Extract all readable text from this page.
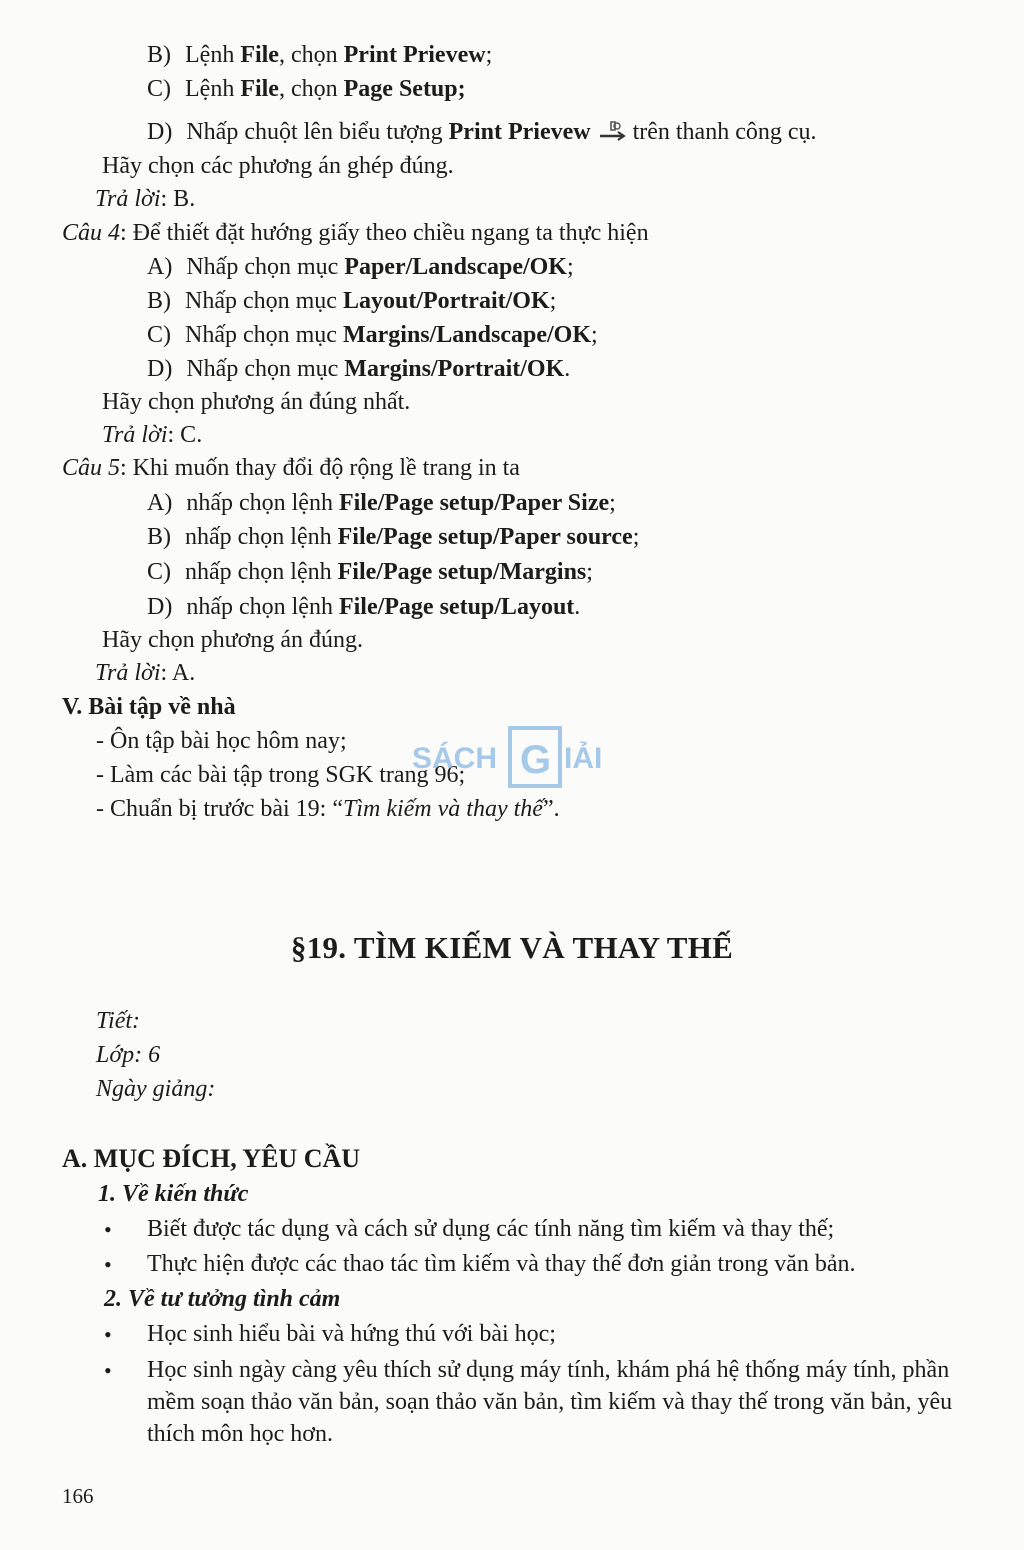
B) Lệnh File, chọn Print Prievew;
C) Lệnh File, chọn Page Setup;
D) Nhấp chuột lên biểu tượng Print Prievew trên thanh công cụ.
Hãy chọn các phương án ghép đúng.
Trả lời: B.
Câu 4: Để thiết đặt hướng giấy theo chiều ngang ta thực hiện
A) Nhấp chọn mục Paper/Landscape/OK;
B) Nhấp chọn mục Layout/Portrait/OK;
C) Nhấp chọn mục Margins/Landscape/OK;
D) Nhấp chọn mục Margins/Portrait/OK.
Hãy chọn phương án đúng nhất.
Trả lời: C.
Câu 5: Khi muốn thay đổi độ rộng lề trang in ta
A) nhấp chọn lệnh File/Page setup/Paper Size;
B) nhấp chọn lệnh File/Page setup/Paper source;
C) nhấp chọn lệnh File/Page setup/Margins;
D) nhấp chọn lệnh File/Page setup/Layout.
Hãy chọn phương án đúng.
Trả lời: A.
V. Bài tập về nhà
- Ôn tập bài học hôm nay;
- Làm các bài tập trong SGK trang 96;
- Chuẩn bị trước bài 19: “Tìm kiếm và thay thế”.
SÁCH G IẢI
§19. TÌM KIẾM VÀ THAY THẾ
Tiết:
Lớp: 6
Ngày giảng:
A. MỤC ĐÍCH, YÊU CẦU
1. Về kiến thức
• Biết được tác dụng và cách sử dụng các tính năng tìm kiếm và thay thế;
• Thực hiện được các thao tác tìm kiếm và thay thế đơn giản trong văn bản.
2. Về tư tưởng tình cảm
• Học sinh hiểu bài và hứng thú với bài học;
• Học sinh ngày càng yêu thích sử dụng máy tính, khám phá hệ thống máy tính, phần mềm soạn thảo văn bản, soạn thảo văn bản, tìm kiếm và thay thế trong văn bản, yêu thích môn học hơn.
166
